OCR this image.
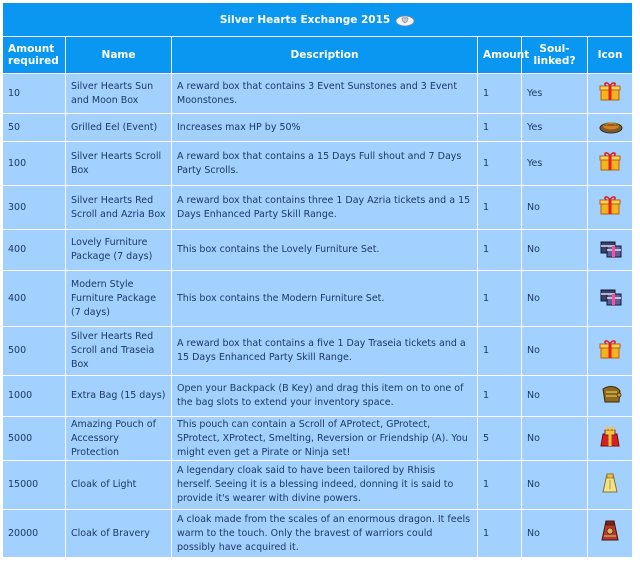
Silver Hearts Exchange 2015					

Amount required	Name	Description	Amount	Soul-linked?	Icon
10	Silver Hearts Sun and Moon Box	A reward box that contains 3 Event Sunstones and 3 Event Moonstones.	1	Yes	
50	Grilled Eel (Event)	Increases max HP by 50%	1	Yes	
100	Silver Hearts Scroll Box	A reward box that contains a 15 Days Full shout and 7 Days Party Scrolls.	1	Yes	
300	Silver Hearts Red Scroll and Azria Box	A reward box that contains three 1 Day Azria tickets and a 15 Days Enhanced Party Skill Range.	1	No	
400	Lovely Furniture Package (7 days)	This box contains the Lovely Furniture Set.	1	No	
400	Modern Style Furniture Package (7 days)	This box contains the Modern Furniture Set.	1	No	
500	Silver Hearts Red Scroll and Traseia Box	A reward box that contains a five 1 Day Traseia tickets and a 15 Days Enhanced Party Skill Range.	1	No	
1000	Extra Bag (15 days)	Open your Backpack (B Key) and drag this item on to one of the bag slots to extend your inventory space.	1	No	
5000	Amazing Pouch of Accessory Protection	This pouch can contain a Scroll of AProtect, GProtect, SProtect, XProtect, Smelting, Reversion or Friendship (A). You might even get a Pirate or Ninja set!	5	No	
15000	Cloak of Light	A legendary cloak said to have been tailored by Rhisis herself. Seeing it is a blessing indeed, donning it is said to provide it's wearer with divine powers.	1	No	
20000	Cloak of Bravery	A cloak made from the scales of an enormous dragon. It feels warm to the touch. Only the bravest of warriors could possibly have acquired it.	1	No	
